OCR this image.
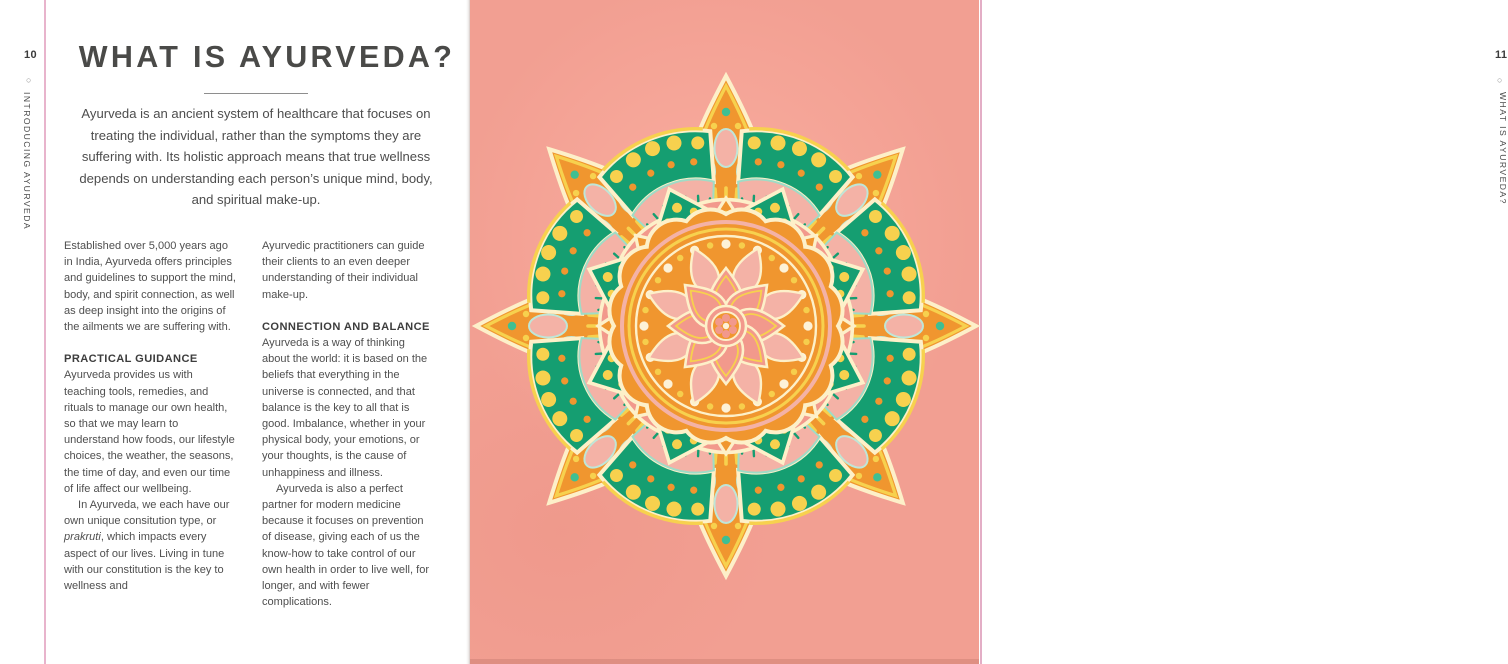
10
○
INTRODUCING AYURVEDA
WHAT IS AYURVEDA?

Ayurveda is an ancient system of healthcare that focuses on treating the individual, rather than the symptoms they are suffering with. Its holistic approach means that true wellness depends on understanding each person’s unique mind, body, and spiritual make-up.

Established over 5,000 years ago in India, Ayurveda offers principles and guidelines to support the mind, body, and spirit connection, as well as deep insight into the origins of the ailments we are suffering with.

PRACTICAL GUIDANCE

Ayurveda provides us with teaching tools, remedies, and rituals to manage our own health, so that we may learn to understand how foods, our lifestyle choices, the weather, the seasons, the time of day, and even our time of life affect our wellbeing.

In Ayurveda, we each have our own unique consitution type, or prakruti, which impacts every aspect of our lives. Living in tune with our constitution is the key to wellness and

Ayurvedic practitioners can guide their clients to an even deeper understanding of their individual make-up.

CONNECTION AND BALANCE

Ayurveda is a way of thinking about the world: it is based on the beliefs that everything in the universe is connected, and that balance is the key to all that is good. Imbalance, whether in your physical body, your emotions, or your thoughts, is the cause of unhappiness and illness.

Ayurveda is also a perfect partner for modern medicine because it focuses on prevention of disease, giving each of us the know-how to take control of our own health in order to live well, for longer, and with fewer complications.

11
○
WHAT IS AYURVEDA?
